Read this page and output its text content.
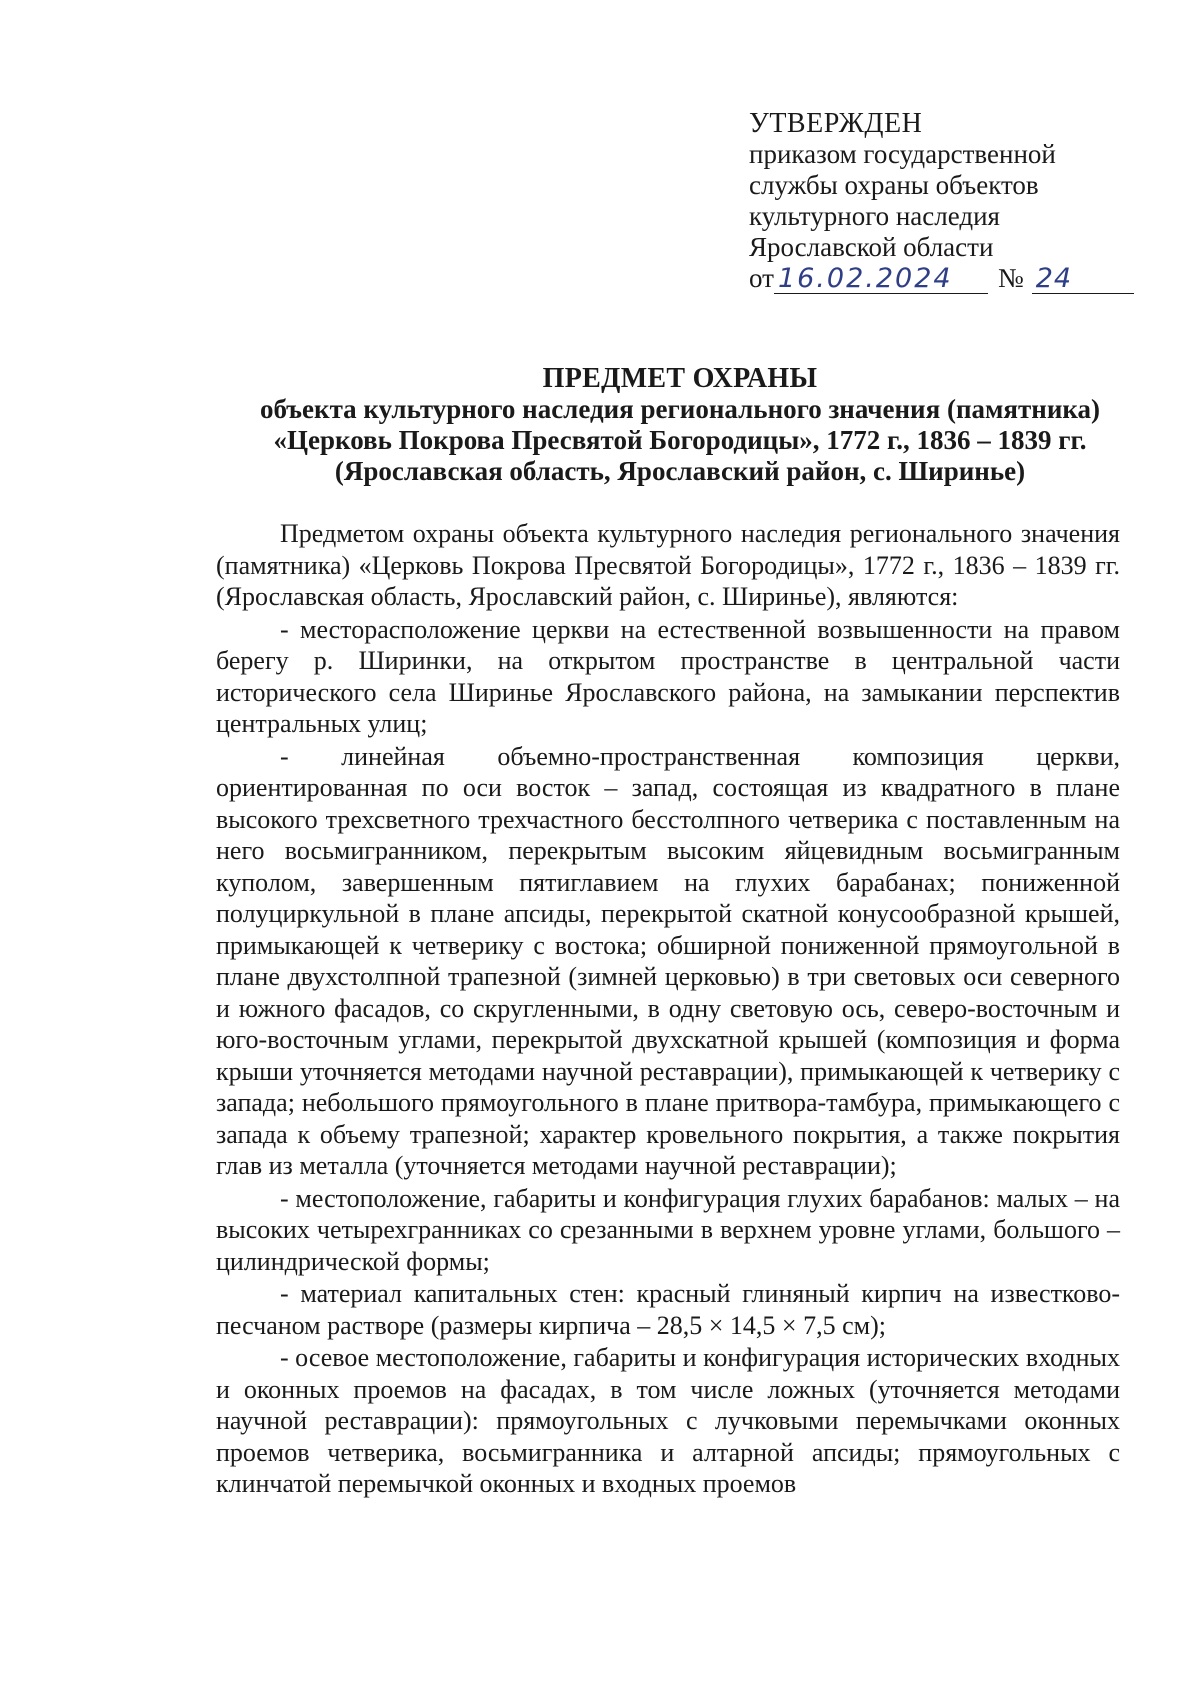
УТВЕРЖДЕН
приказом государственной
службы охраны объектов
культурного наследия
Ярославской области
от 16.02.2024	№ 24
ПРЕДМЕТ ОХРАНЫ
объекта культурного наследия регионального значения (памятника)
«Церковь Покрова Пресвятой Богородицы», 1772 г., 1836 – 1839 гг.
(Ярославская область, Ярославский район, с. Ширинье)

Предметом охраны объекта культурного наследия регионального значения (памятника) «Церковь Покрова Пресвятой Богородицы», 1772 г., 1836 – 1839 гг. (Ярославская область, Ярославский район, с. Ширинье), являются:

- месторасположение церкви на естественной возвышенности на правом берегу р. Ширинки, на открытом пространстве в центральной части исторического села Ширинье Ярославского района, на замыкании перспектив центральных улиц;

- линейная объемно-пространственная композиция церкви, ориентированная по оси восток – запад, состоящая из квадратного в плане высокого трехсветного трехчастного бесстолпного четверика с поставленным на него восьмигранником, перекрытым высоким яйцевидным восьмигранным куполом, завершенным пятиглавием на глухих барабанах; пониженной полуциркульной в плане апсиды, перекрытой скатной конусообразной крышей, примыкающей к четверику с востока; обширной пониженной прямоугольной в плане двухстолпной трапезной (зимней церковью) в три световых оси северного и южного фасадов, со скругленными, в одну световую ось, северо-восточным и юго-восточным углами, перекрытой двухскатной крышей (композиция и форма крыши уточняется методами научной реставрации), примыкающей к четверику с запада; небольшого прямоугольного в плане притвора-тамбура, примыкающего с запада к объему трапезной; характер кровельного покрытия, а также покрытия глав из металла (уточняется методами научной реставрации);

- местоположение, габариты и конфигурация глухих барабанов: малых – на высоких четырехгранниках со срезанными в верхнем уровне углами, большого – цилиндрической формы;

- материал капитальных стен: красный глиняный кирпич на известково-песчаном растворе (размеры кирпича – 28,5 × 14,5 × 7,5 см);

- осевое местоположение, габариты и конфигурация исторических входных и оконных проемов на фасадах, в том числе ложных (уточняется методами научной реставрации): прямоугольных с лучковыми перемычками оконных проемов четверика, восьмигранника и алтарной апсиды; прямоугольных с клинчатой перемычкой оконных и входных проемов
